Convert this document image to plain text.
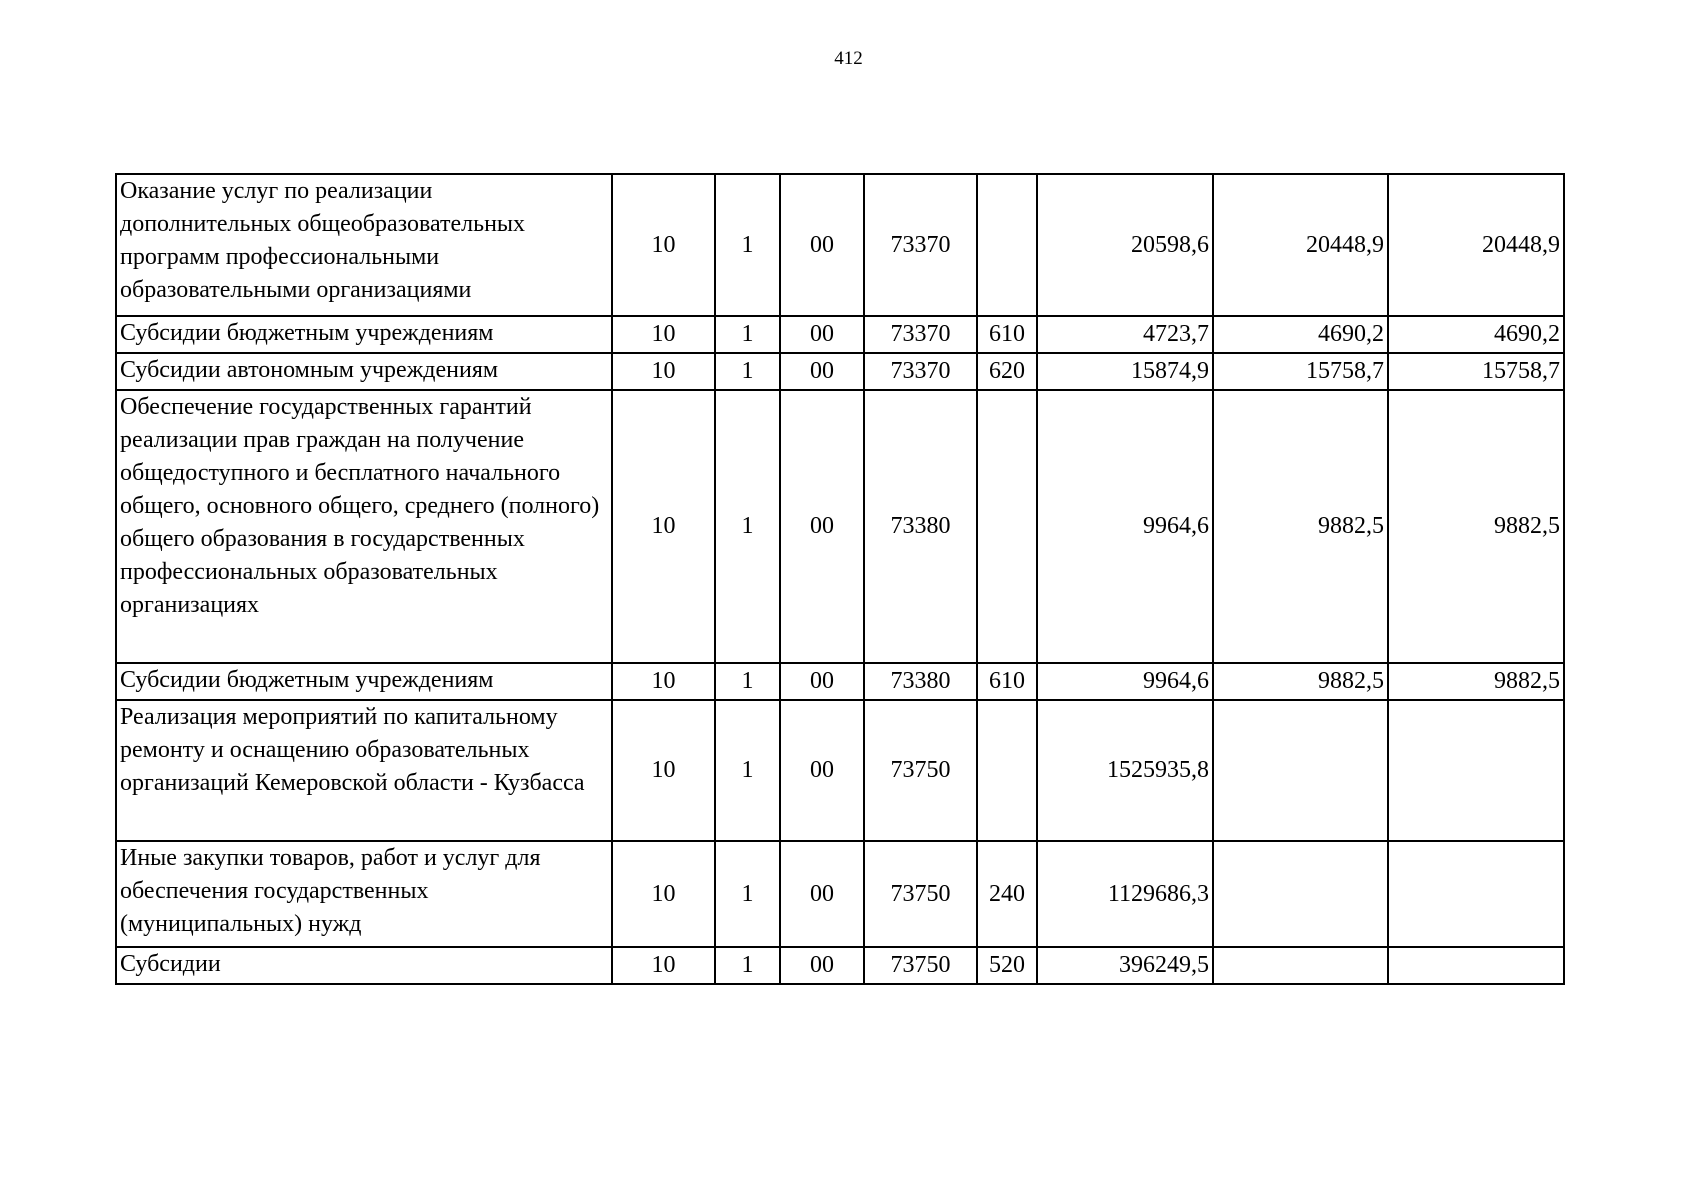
412
Оказание услуг по реализации дополнительных общеобразовательных программ профессиональными образовательными организациями	10	1	00	73370		20598,6	20448,9	20448,9
Субсидии бюджетным учреждениям	10	1	00	73370	610	4723,7	4690,2	4690,2
Субсидии автономным учреждениям	10	1	00	73370	620	15874,9	15758,7	15758,7
Обеспечение государственных гарантий реализации прав граждан на получение общедоступного и бесплатного начального общего, основного общего, среднего (полного) общего образования в государственных профессиональных образовательных организациях	10	1	00	73380		9964,6	9882,5	9882,5
Субсидии бюджетным учреждениям	10	1	00	73380	610	9964,6	9882,5	9882,5
Реализация мероприятий по капитальному ремонту и оснащению образовательных организаций Кемеровской области - Кузбасса	10	1	00	73750		1525935,8		
Иные закупки товаров, работ и услуг для обеспечения государственных (муниципальных) нужд	10	1	00	73750	240	1129686,3		
Субсидии	10	1	00	73750	520	396249,5		
